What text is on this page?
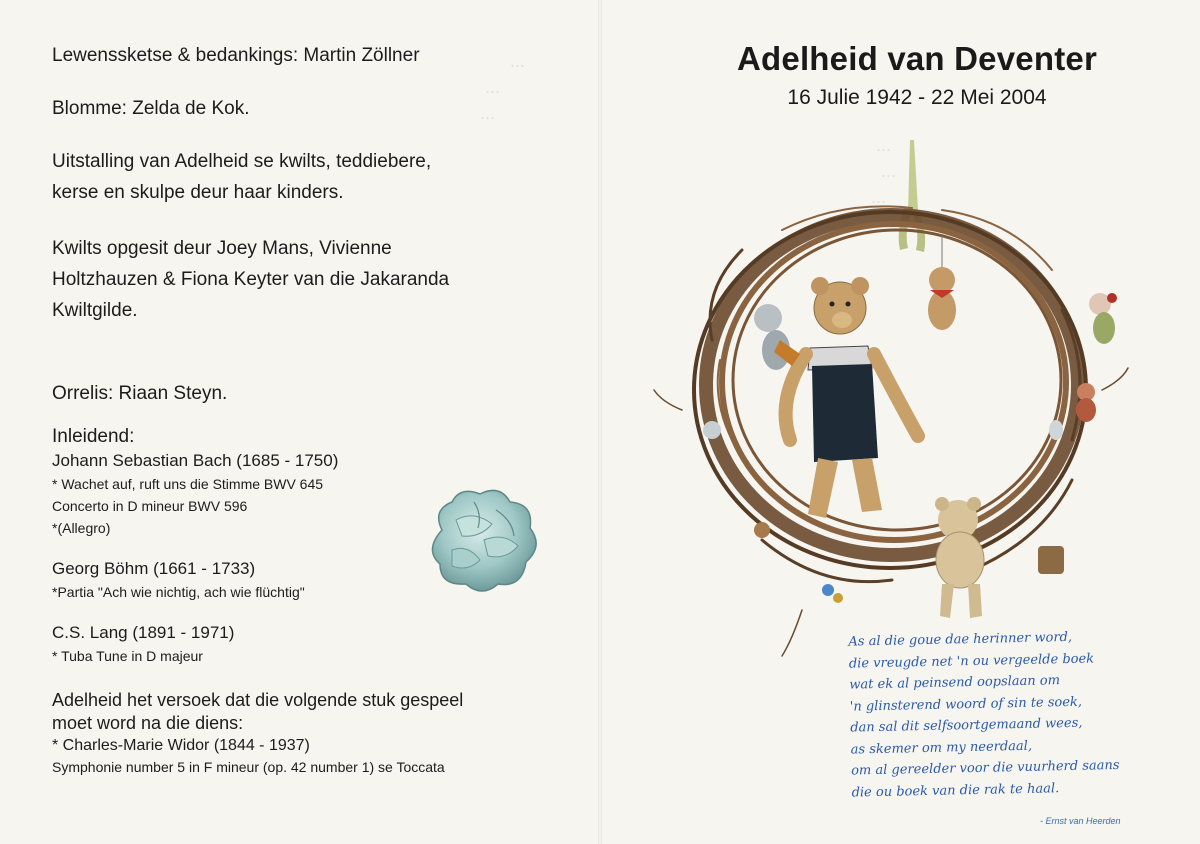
...
...
...

Lewenssketse & bedankings: Martin Zöllner

Blomme: Zelda de Kok.

Uitstalling van Adelheid se kwilts, teddiebere,

kerse en skulpe deur haar kinders.

Kwilts opgesit deur Joey Mans, Vivienne

Holtzhauzen & Fiona Keyter van die Jakaranda

Kwiltgilde.

Orrelis: Riaan Steyn.

Inleidend:

Johann Sebastian Bach (1685 - 1750)

* Wachet auf, ruft uns die Stimme BWV 645

Concerto in D mineur BWV 596

*(Allegro)

Georg Böhm (1661 - 1733)

*Partia "Ach wie nichtig, ach wie flüchtig"

C.S. Lang (1891 - 1971)

* Tuba Tune in D majeur

Adelheid het versoek dat die volgende stuk gespeel

moet word na die diens:

* Charles-Marie Widor (1844 - 1937)

Symphonie number 5 in F mineur (op. 42 number 1) se Toccata

...
...
...
Adelheid van Deventer

16 Julie 1942 - 22 Mei 2004

As al die goue dae herinner word,
die vreugde net 'n ou vergeelde boek
wat ek al peinsend oopslaan om
'n glinsterend woord of sin te soek,
dan sal dit selfsoortgemaand wees,
as skemer om my neerdaal,
om al gereelder voor die vuurherd saans
die ou boek van die rak te haal.
- Ernst van Heerden
